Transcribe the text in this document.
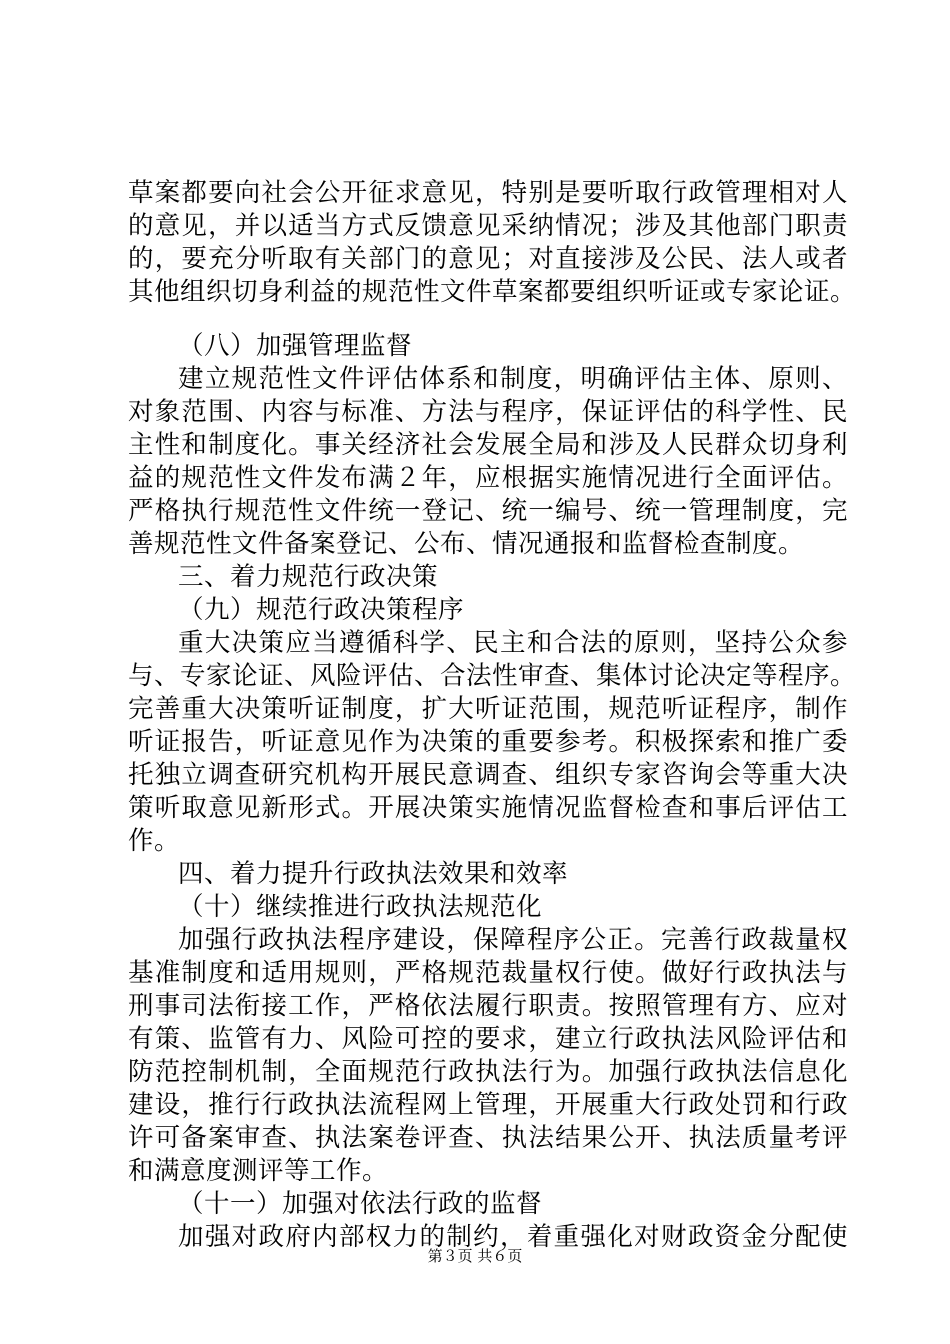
草案都要向社会公开征求意见，特别是要听取行政管理相对人
的意见，并以适当方式反馈意见采纳情况；涉及其他部门职责
的，要充分听取有关部门的意见；对直接涉及公民、法人或者
其他组织切身利益的规范性文件草案都要组织听证或专家论证。
（八）加强管理监督
建立规范性文件评估体系和制度，明确评估主体、原则、
对象范围、内容与标准、方法与程序，保证评估的科学性、民
主性和制度化。事关经济社会发展全局和涉及人民群众切身利
益的规范性文件发布满２年，应根据实施情况进行全面评估。
严格执行规范性文件统一登记、统一编号、统一管理制度，完
善规范性文件备案登记、公布、情况通报和监督检查制度。
三、着力规范行政决策
（九）规范行政决策程序
重大决策应当遵循科学、民主和合法的原则，坚持公众参
与、专家论证、风险评估、合法性审查、集体讨论决定等程序。
完善重大决策听证制度，扩大听证范围，规范听证程序，制作
听证报告，听证意见作为决策的重要参考。积极探索和推广委
托独立调查研究机构开展民意调查、组织专家咨询会等重大决
策听取意见新形式。开展决策实施情况监督检查和事后评估工
作。
四、着力提升行政执法效果和效率
（十）继续推进行政执法规范化
加强行政执法程序建设，保障程序公正。完善行政裁量权
基准制度和适用规则，严格规范裁量权行使。做好行政执法与
刑事司法衔接工作，严格依法履行职责。按照管理有方、应对
有策、监管有力、风险可控的要求，建立行政执法风险评估和
防范控制机制，全面规范行政执法行为。加强行政执法信息化
建设，推行行政执法流程网上管理，开展重大行政处罚和行政
许可备案审查、执法案卷评查、执法结果公开、执法质量考评
和满意度测评等工作。
（十一）加强对依法行政的监督
加强对政府内部权力的制约，着重强化对财政资金分配使
第３页 共６页
